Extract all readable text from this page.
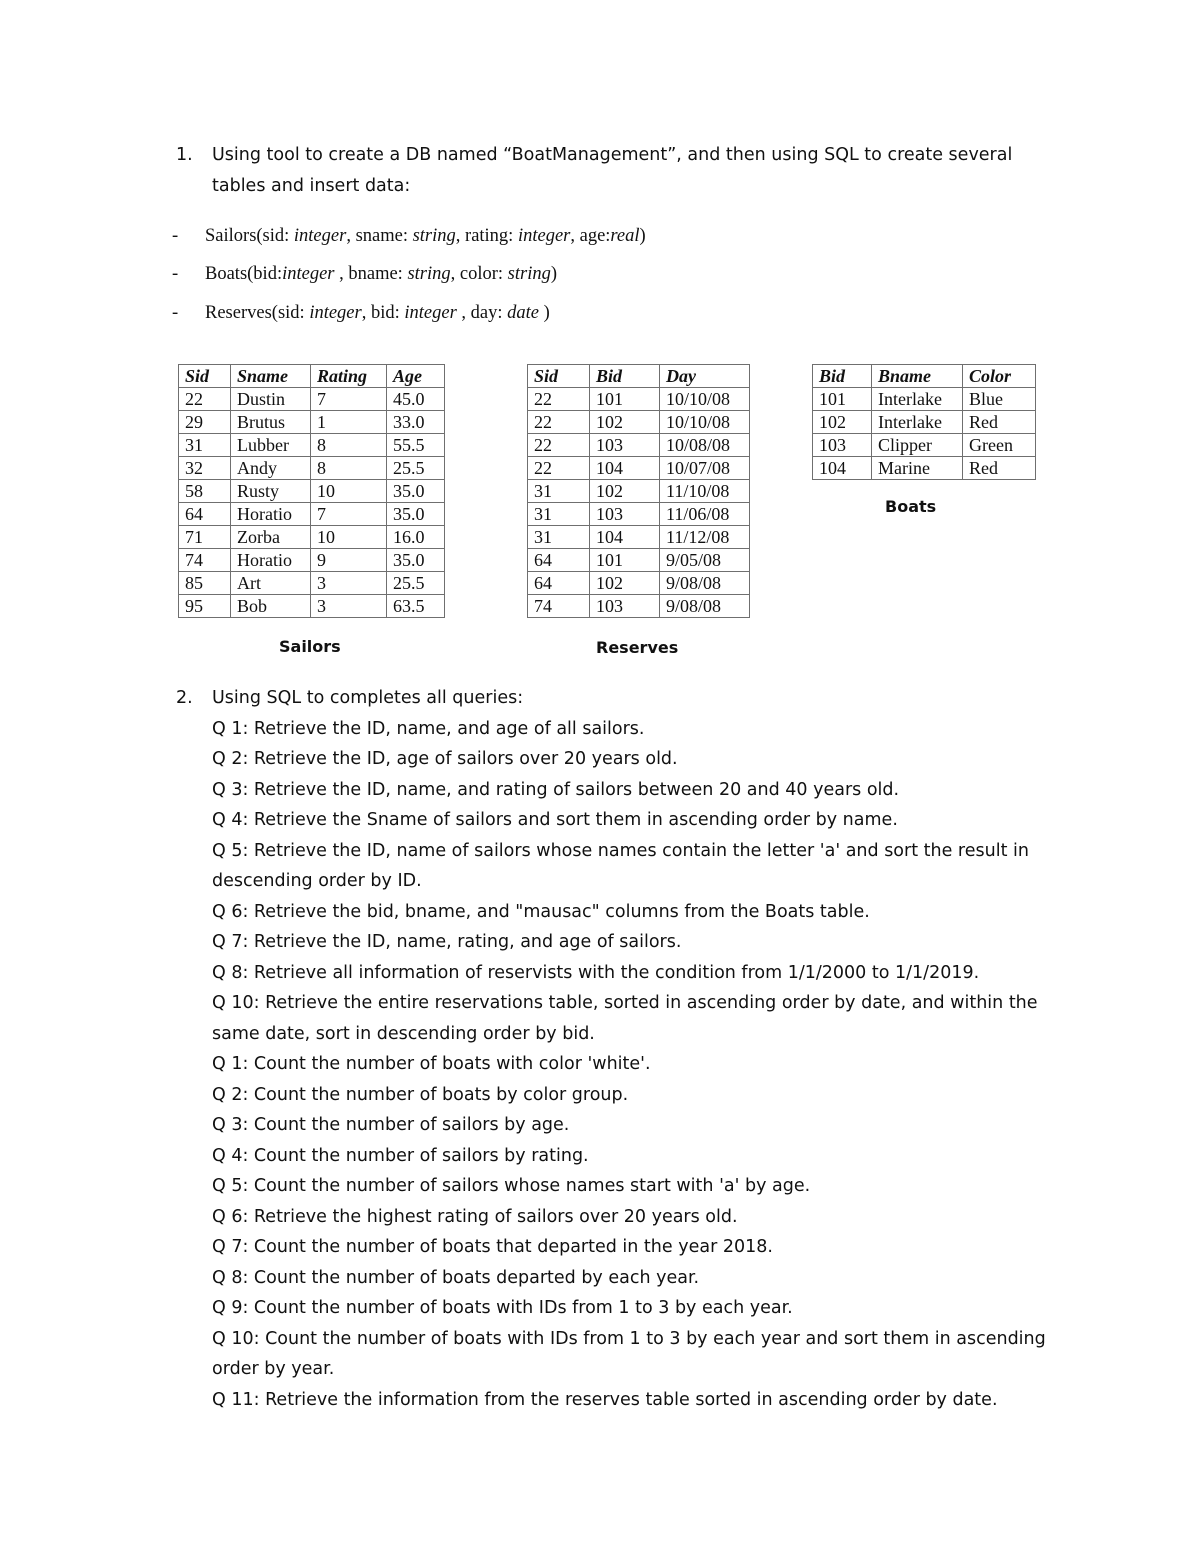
1. Using tool to create a DB named “BoatManagement”, and then using SQL to create several
tables and insert data:
- Sailors(sid: integer, sname: string, rating: integer, age:real)
- Boats(bid:integer , bname: string, color: string)
- Reserves(sid: integer, bid: integer , day: date )
Sid	Sname	Rating	Age
22	Dustin	7	45.0
29	Brutus	1	33.0
31	Lubber	8	55.5
32	Andy	8	25.5
58	Rusty	10	35.0
64	Horatio	7	35.0
71	Zorba	10	16.0
74	Horatio	9	35.0
85	Art	3	25.5
95	Bob	3	63.5
Sailors
Sid	Bid	Day
22	101	10/10/08
22	102	10/10/08
22	103	10/08/08
22	104	10/07/08
31	102	11/10/08
31	103	11/06/08
31	104	11/12/08
64	101	9/05/08
64	102	9/08/08
74	103	9/08/08
Reserves
Bid	Bname	Color
101	Interlake	Blue
102	Interlake	Red
103	Clipper	Green
104	Marine	Red
Boats
2. Using SQL to completes all queries:
Q 1: Retrieve the ID, name, and age of all sailors.
Q 2: Retrieve the ID, age of sailors over 20 years old.
Q 3: Retrieve the ID, name, and rating of sailors between 20 and 40 years old.
Q 4: Retrieve the Sname of sailors and sort them in ascending order by name.
Q 5: Retrieve the ID, name of sailors whose names contain the letter 'a' and sort the result in
descending order by ID.
Q 6: Retrieve the bid, bname, and "mausac" columns from the Boats table.
Q 7: Retrieve the ID, name, rating, and age of sailors.
Q 8: Retrieve all information of reservists with the condition from 1/1/2000 to 1/1/2019.
Q 10: Retrieve the entire reservations table, sorted in ascending order by date, and within the
same date, sort in descending order by bid.
Q 1: Count the number of boats with color 'white'.
Q 2: Count the number of boats by color group.
Q 3: Count the number of sailors by age.
Q 4: Count the number of sailors by rating.
Q 5: Count the number of sailors whose names start with 'a' by age.
Q 6: Retrieve the highest rating of sailors over 20 years old.
Q 7: Count the number of boats that departed in the year 2018.
Q 8: Count the number of boats departed by each year.
Q 9: Count the number of boats with IDs from 1 to 3 by each year.
Q 10: Count the number of boats with IDs from 1 to 3 by each year and sort them in ascending
order by year.
Q 11: Retrieve the information from the reserves table sorted in ascending order by date.
